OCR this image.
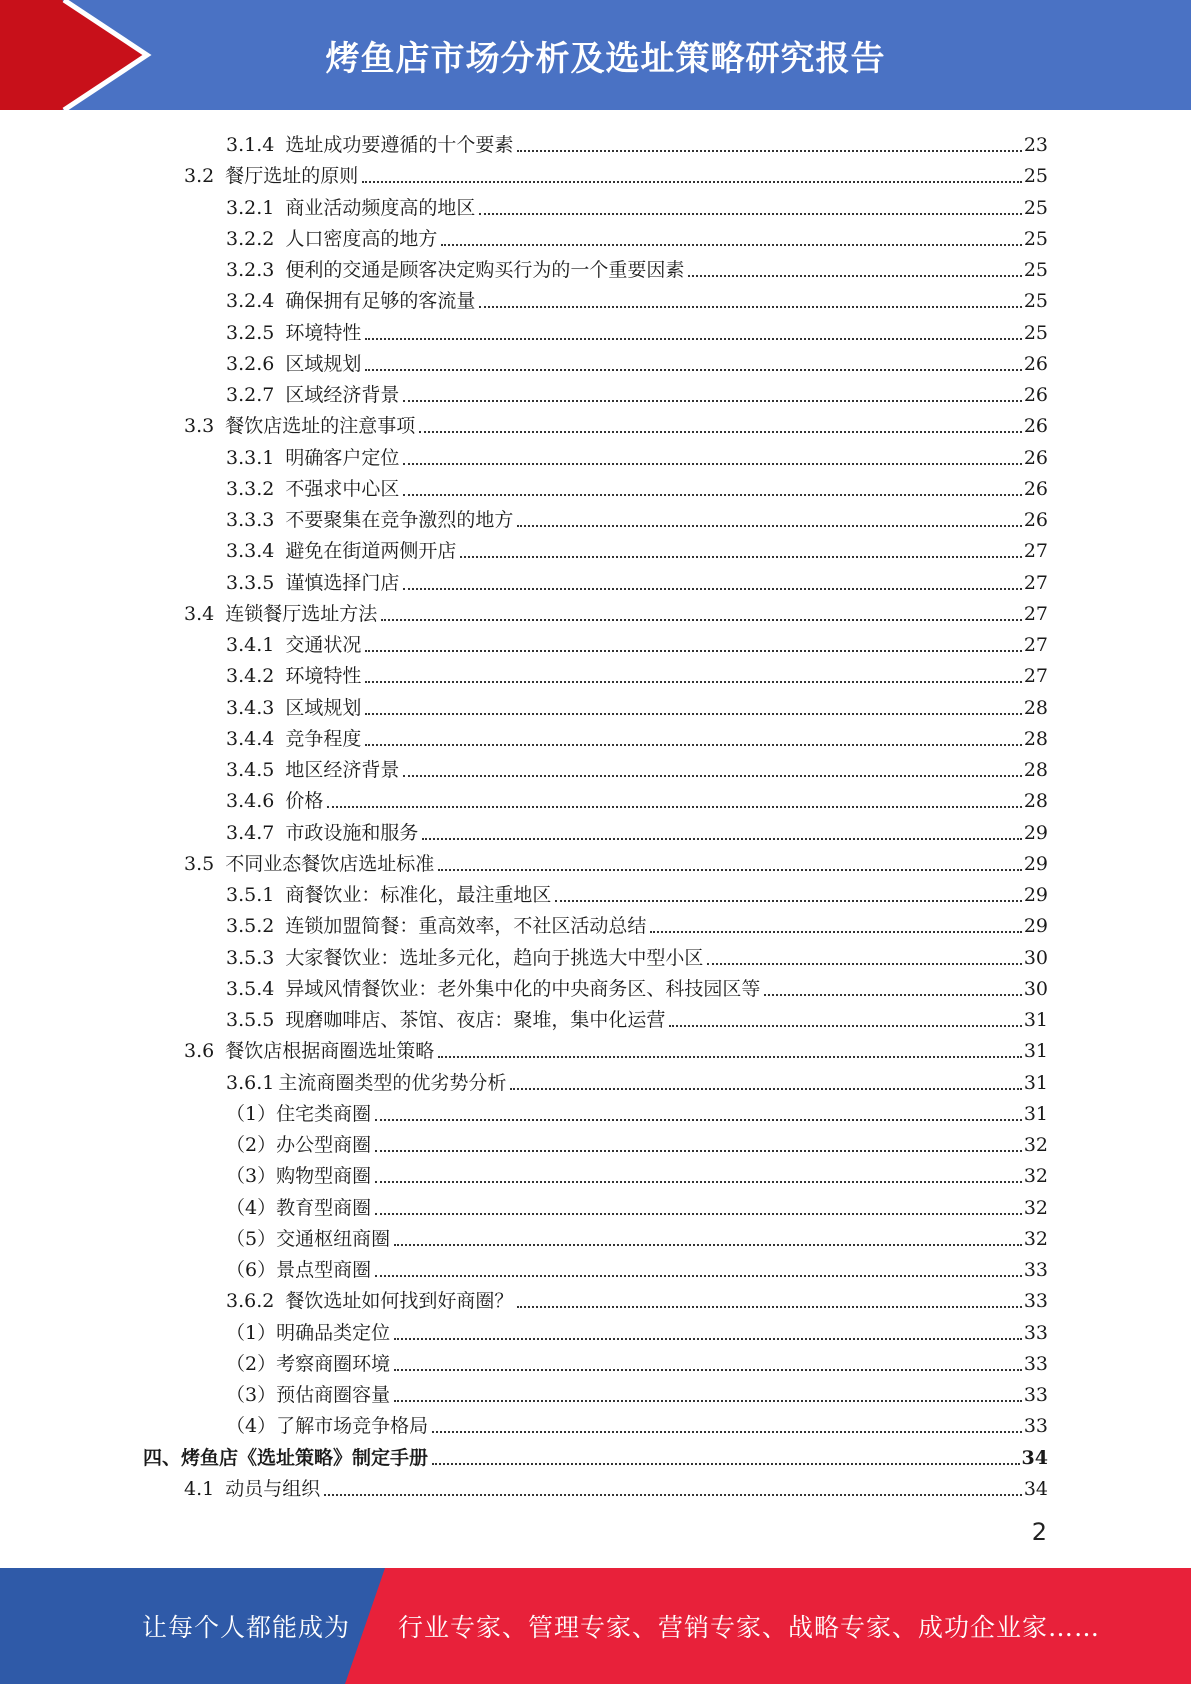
烤鱼店市场分析及选址策略研究报告
3.1.4 选址成功要遵循的十个要素	23
3.2 餐厅选址的原则	25
3.2.1 商业活动频度高的地区	25
3.2.2 人口密度高的地方	25
3.2.3 便利的交通是顾客决定购买行为的一个重要因素	25
3.2.4 确保拥有足够的客流量	25
3.2.5 环境特性	25
3.2.6 区域规划	26
3.2.7 区域经济背景	26
3.3 餐饮店选址的注意事项	26
3.3.1 明确客户定位	26
3.3.2 不强求中心区	26
3.3.3 不要聚集在竞争激烈的地方	26
3.3.4 避免在街道两侧开店	27
3.3.5 谨慎选择门店	27
3.4 连锁餐厅选址方法	27
3.4.1 交通状况	27
3.4.2 环境特性	27
3.4.3 区域规划	28
3.4.4 竞争程度	28
3.4.5 地区经济背景	28
3.4.6 价格	28
3.4.7 市政设施和服务	29
3.5 不同业态餐饮店选址标准	29
3.5.1 商餐饮业：标准化，最注重地区	29
3.5.2 连锁加盟简餐：重高效率，不社区活动总结	29
3.5.3 大家餐饮业：选址多元化，趋向于挑选大中型小区	30
3.5.4 异域风情餐饮业：老外集中化的中央商务区、科技园区等	30
3.5.5 现磨咖啡店、茶馆、夜店：聚堆，集中化运营	31
3.6 餐饮店根据商圈选址策略	31
3.6.1 主流商圈类型的优劣势分析	31
（1） 住宅类商圈	31
（2） 办公型商圈	32
（3） 购物型商圈	32
（4） 教育型商圈	32
（5） 交通枢纽商圈	32
（6） 景点型商圈	33
3.6.2 餐饮选址如何找到好商圈？	33
（1） 明确品类定位	33
（2） 考察商圈环境	33
（3） 预估商圈容量	33
（4） 了解市场竞争格局	33
四、 烤鱼店《选址策略》制定手册	34
4.1 动员与组织	34
2
让每个人都能成为 行业专家、管理专家、营销专家、战略专家、成功企业家……
